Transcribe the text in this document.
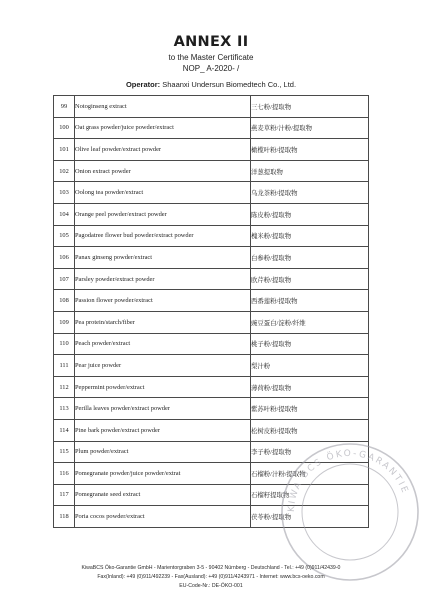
ANNEX II
to the Master Certificate
NOP_ A-2020- /
Operator: Shaanxi Undersun Biomedtech Co., Ltd.
99	Notoginseng extract	三七粉/提取物
100	Oat grass powder/juice powder/extract	燕麦草粉/汁粉/提取物
101	Olive leaf powder/extract powder	橄榄叶粉/提取物
102	Onion extract powder	洋葱提取物
103	Oolong tea powder/extract	乌龙茶粉/提取物
104	Orange peel powder/extract powder	陈皮粉/提取物
105	Pagodatree flower bud powder/extract powder	槐米粉/提取物
106	Panax ginseng powder/extract	白参粉/提取物
107	Parsley powder/extract powder	欧芹粉/提取物
108	Passion flower powder/extract	西番莲粉/提取物
109	Pea protein/starch/fiber	豌豆蛋白/淀粉/纤维
110	Peach powder/extract	桃子粉/提取物
111	Pear juice powder	梨汁粉
112	Peppermint powder/extract	薄荷粉/提取物
113	Perilla leaves powder/extract powder	紫苏叶粉/提取物
114	Pine bark powder/extract powder	松树皮粉/提取物
115	Plum powder/extract	李子粉/提取物
116	Pomegranate powder/juice powder/extrat	石榴粉/汁粉/提取物
117	Pomegranate seed extract	石榴籽提取物
118	Poria cocos powder/extract	茯苓粉/提取物
KIWA BCS ÖKO-GARANTIE
KiwaBCS Öko-Garantie GmbH - Marientorgraben 3-5 - 90402 Nürnberg - Deutschland - Tel.: +49 (0)911/42439-0
Fax(Inland): +49 (0)911/492239 - Fax(Ausland): +49 (0)911/4243971 - Internet: www.bcs-oeko.com
EU-Code-Nr.: DE-ÖKO-001
